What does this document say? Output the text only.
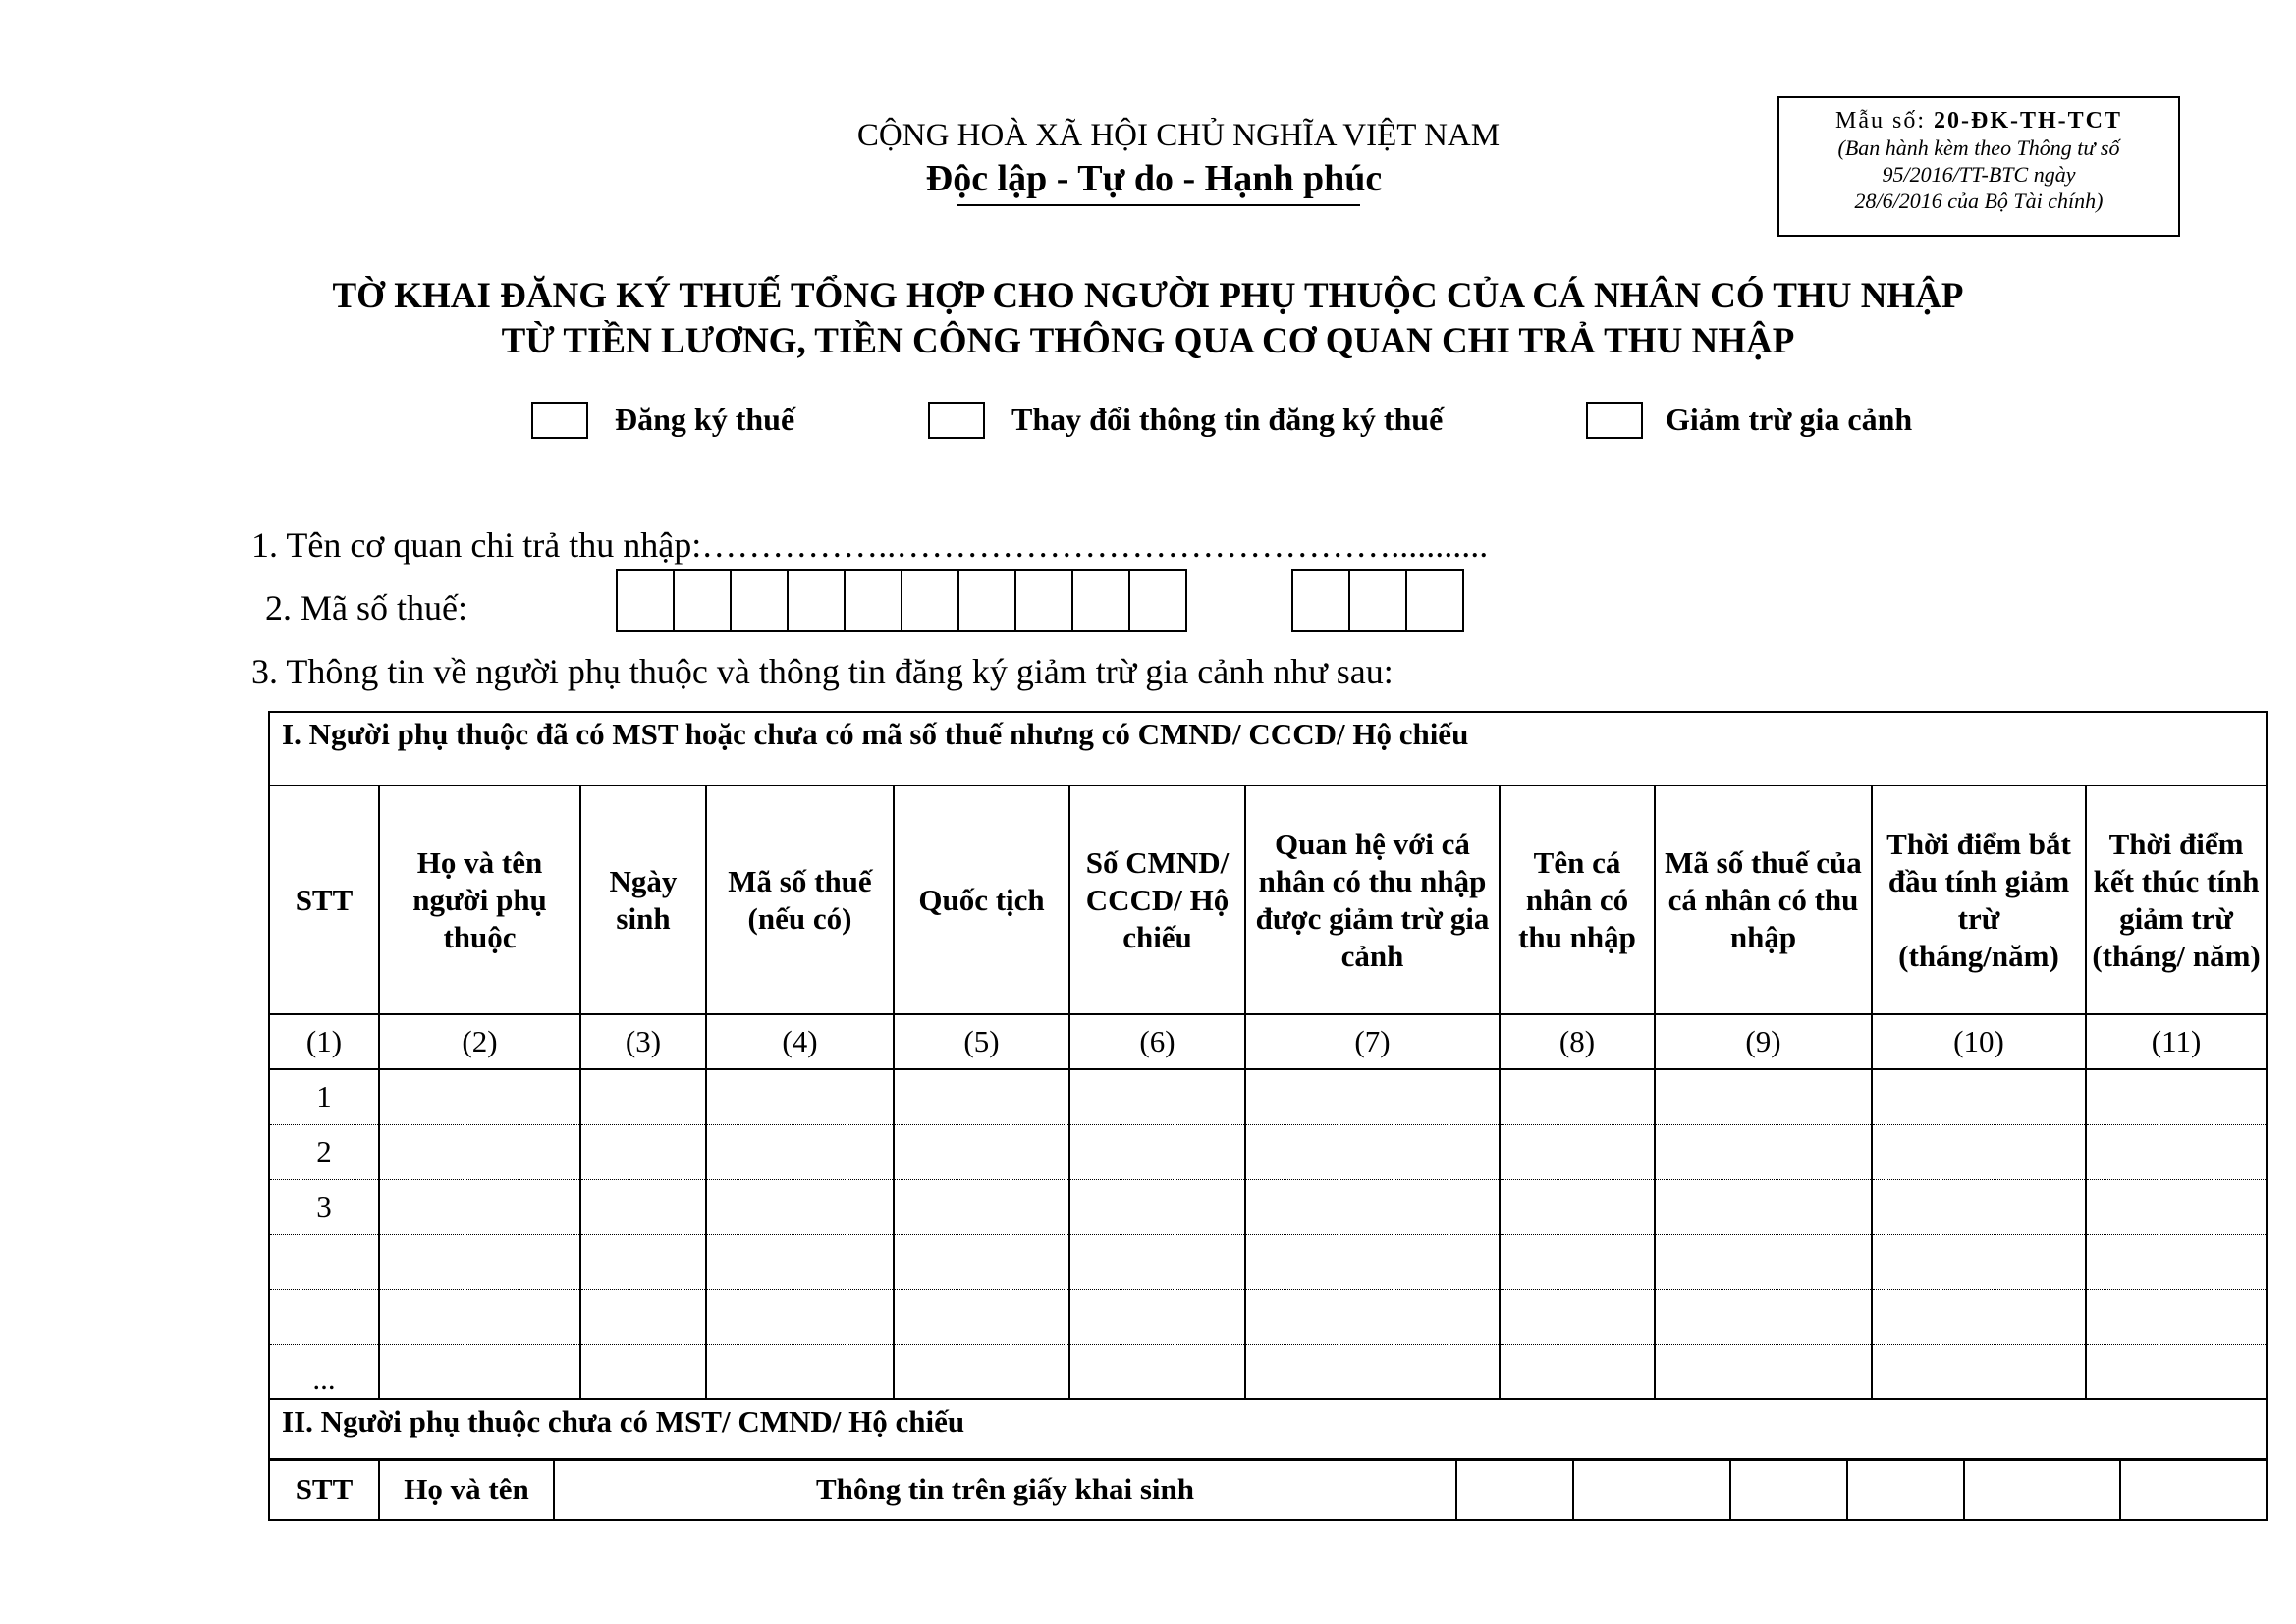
CỘNG HOÀ XÃ HỘI CHỦ NGHĨA VIỆT NAM
Độc lập - Tự do - Hạnh phúc
Mẫu số: 20-ĐK-TH-TCT
(Ban hành kèm theo Thông tư số
95/2016/TT-BTC ngày
28/6/2016 của Bộ Tài chính)
TỜ KHAI ĐĂNG KÝ THUẾ TỔNG HỢP CHO NGƯỜI PHỤ THUỘC CỦA CÁ NHÂN CÓ THU NHẬP
TỪ TIỀN LƯƠNG, TIỀN CÔNG THÔNG QUA CƠ QUAN CHI TRẢ THU NHẬP
Đăng ký thuế	Thay đổi thông tin đăng ký thuế	Giảm trừ gia cảnh
1. Tên cơ quan chi trả thu nhập:……………..……………………………………...........
2. Mã số thuế:
3. Thông tin về người phụ thuộc và thông tin đăng ký giảm trừ gia cảnh như sau:
I. Người phụ thuộc đã có MST hoặc chưa có mã số thuế nhưng có CMND/ CCCD/ Hộ chiếu										
STT	Họ và tên người phụ thuộc	Ngày sinh	Mã số thuế (nếu có)	Quốc tịch	Số CMND/ CCCD/ Hộ chiếu	Quan hệ với cá nhân có thu nhập được giảm trừ gia cảnh	Tên cá nhân có thu nhập	Mã số thuế của cá nhân có thu nhập	Thời điểm bắt đầu tính giảm trừ (tháng/năm)	Thời điểm kết thúc tính giảm trừ (tháng/ năm)
(1)	(2)	(3)	(4)	(5)	(6)	(7)	(8)	(9)	(10)	(11)
1										
2										
3										

...										
II. Người phụ thuộc chưa có MST/ CMND/ Hộ chiếu										
STT	Họ và tên	Thông tin trên giấy khai sinh						
